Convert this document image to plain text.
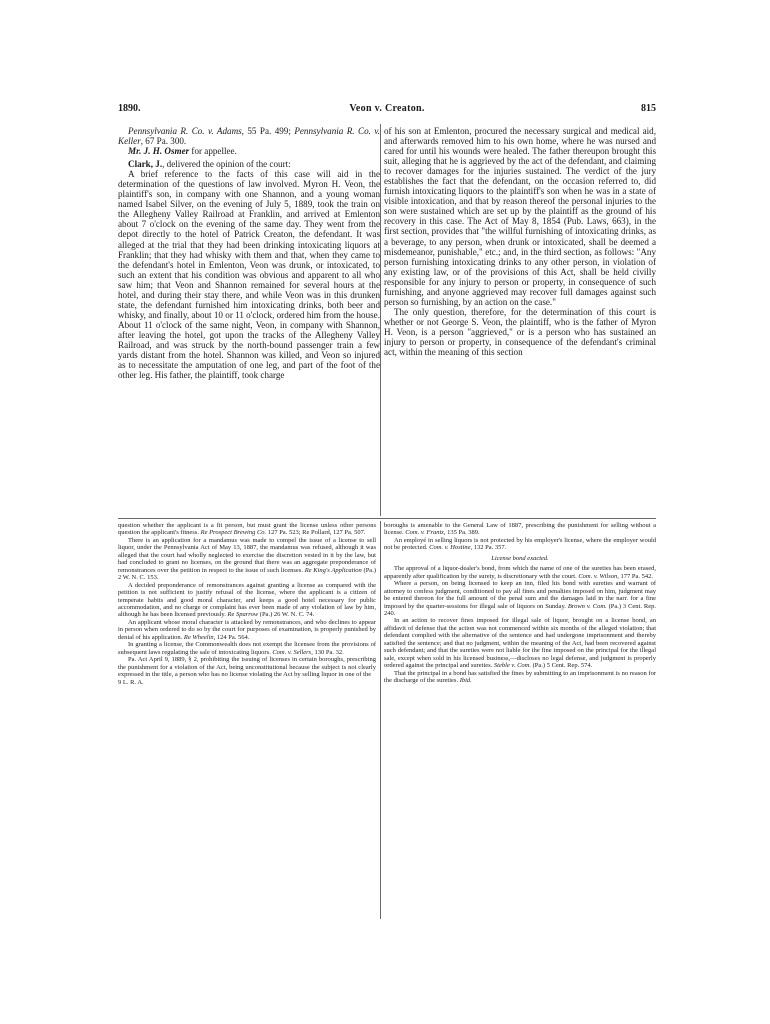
1890.	Veon v. Creaton.	815

Pennsylvania R. Co. v. Adams, 55 Pa. 499; Pennsylvania R. Co. v. Keller, 67 Pa. 300.

Mr. J. H. Osmer for appellee.

Clark, J., delivered the opinion of the court:

A brief reference to the facts of this case will aid in the determination of the questions of law involved. Myron H. Veon, the plaintiff's son, in company with one Shannon, and a young woman named Isabel Silver, on the evening of July 5, 1889, took the train on the Allegheny Valley Railroad at Franklin, and arrived at Emlenton about 7 o'clock on the evening of the same day. They went from the depot directly to the hotel of Patrick Creaton, the defendant. It was alleged at the trial that they had been drinking intoxicating liquors at Franklin; that they had whisky with them and that, when they came to the defendant's hotel in Emlenton, Veon was drunk, or intoxicated, to such an extent that his condition was obvious and apparent to all who saw him; that Veon and Shannon remained for several hours at the hotel, and during their stay there, and while Veon was in this drunken state, the defendant furnished him intoxicating drinks, both beer and whisky, and finally, about 10 or 11 o'clock, ordered him from the house. About 11 o'clock of the same night, Veon, in company with Shannon, after leaving the hotel, got upon the tracks of the Allegheny Valley Railroad, and was struck by the north-bound passenger train a few yards distant from the hotel. Shannon was killed, and Veon so injured as to necessitate the amputation of one leg, and part of the foot of the other leg. His father, the plaintiff, took charge

of his son at Emlenton, procured the necessary surgical and medical aid, and afterwards removed him to his own home, where he was nursed and cared for until his wounds were healed. The father thereupon brought this suit, alleging that he is aggrieved by the act of the defendant, and claiming to recover damages for the injuries sustained. The verdict of the jury establishes the fact that the defendant, on the occasion referred to, did furnish intoxicating liquors to the plaintiff's son when he was in a state of visible intoxication, and that by reason thereof the personal injuries to the son were sustained which are set up by the plaintiff as the ground of his recovery in this case. The Act of May 8, 1854 (Pub. Laws, 663), in the first section, provides that "the willful furnishing of intoxicating drinks, as a beverage, to any person, when drunk or intoxicated, shall be deemed a misdemeanor, punishable," etc.; and, in the third section, as follows: "Any person furnishing intoxicating drinks to any other person, in violation of any existing law, or of the provisions of this Act, shall be held civilly responsible for any injury to person or property, in consequence of such furnishing, and anyone aggrieved may recover full damages against such person so furnishing, by an action on the case."

The only question, therefore, for the determination of this court is whether or not George S. Veon, the plaintiff, who is the father of Myron H. Veon, is a person "aggrieved," or is a person who has sustained an injury to person or property, in consequence of the defendant's criminal act, within the meaning of this section

question whether the applicant is a fit person, but must grant the license unless other persons question the applicant's fitness. Re Prospect Brewing Co. 127 Pa. 523; Re Pollard, 127 Pa. 507.

There is an application for a mandamus was made to compel the issue of a license to sell liquor, under the Pennsylvania Act of May 13, 1887, the mandamus was refused, although it was alleged that the court had wholly neglected to exercise the discretion vested in it by the law, but had concluded to grant no licenses, on the ground that there was an aggregate preponderance of remonstrances over the petition in respect to the issue of such licenses. Re King's Application (Pa.) 2 W. N. C. 153.

A decided preponderance of remonstrances against granting a license as compared with the petition is not sufficient to justify refusal of the license, where the applicant is a citizen of temperate habits and good moral character, and keeps a good hotel necessary for public accommodation, and no charge or complaint has ever been made of any violation of law by him, although he has been licensed previously. Re Sparrow (Pa.) 26 W. N. C. 74.

An applicant whose moral character is attacked by remonstrances, and who declines to appear in person when ordered to do so by the court for purposes of examination, is properly punished by denial of his application. Re Wheelin, 124 Pa. 564.

In granting a license, the Commonwealth does not exempt the licensee from the provisions of subsequent laws regulating the sale of intoxicating liquors. Com. v. Sellers, 130 Pa. 32.

Pa. Act April 9, 1889, § 2, prohibiting the issuing of licenses in certain boroughs, prescribing the punishment for a violation of the Act, being unconstitutional because the subject is not clearly expressed in the title, a person who has no license violating the Act by selling liquor in one of the

9 L. R. A.

boroughs is amenable to the General Law of 1887, prescribing the punishment for selling without a license. Com. v. Frantz, 135 Pa. 389.

An employé in selling liquors is not protected by his employer's license, where the employer would not be protected. Com. v. Hostine, 132 Pa. 357.

License bond exacted.

The approval of a liquor-dealer's bond, from which the name of one of the sureties has been erased, apparently after qualification by the surety, is discretionary with the court. Com. v. Wilson, 177 Pa. 542.

Where a person, on being licensed to keep an inn, filed his bond with sureties and warrant of attorney to confess judgment, conditioned to pay all fines and penalties imposed on him, judgment may be entered thereon for the full amount of the penal sum and the damages laid in the narr. for a fine imposed by the quarter-sessions for illegal sale of liquors on Sunday. Brown v. Com. (Pa.) 3 Cent. Rep. 240.

In an action to recover fines imposed for illegal sale of liquor, brought on a license bond, an affidavit of defense that the action was not commenced within six months of the alleged violation; that defendant complied with the alternative of the sentence and had undergone imprisonment and thereby satisfied the sentence; and that no judgment, within the meaning of the Act, had been recovered against such defendant; and that the sureties were not liable for the fine imposed on the principal for the illegal sale, except when sold in his licensed business,—discloses no legal defense, and judgment is properly ordered against the principal and sureties. Steble v. Com. (Pa.) 5 Cent. Rep. 574.

That the principal in a bond has satisfied the fines by submitting to an imprisonment is no reason for the discharge of the sureties. Ibid.
